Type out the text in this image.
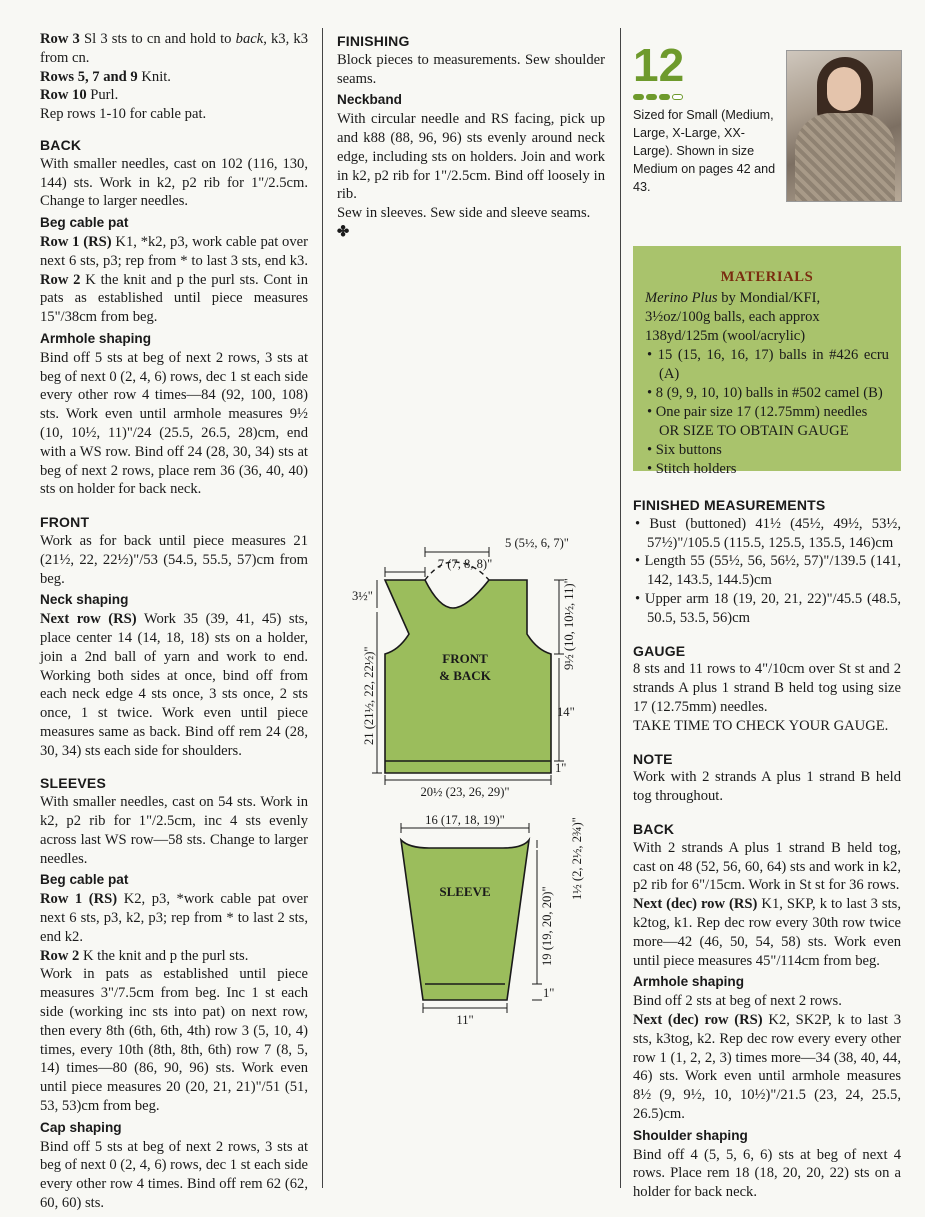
Row 3 Sl 3 sts to cn and hold to back, k3, k3 from cn.

Rows 5, 7 and 9 Knit.

Row 10 Purl.

Rep rows 1-10 for cable pat.

BACK

With smaller needles, cast on 102 (116, 130, 144) sts. Work in k2, p2 rib for 1"/2.5cm. Change to larger needles.

Beg cable pat

Row 1 (RS) K1, *k2, p3, work cable pat over next 6 sts, p3; rep from * to last 3 sts, end k3. Row 2 K the knit and p the purl sts. Cont in pats as established until piece measures 15"/38cm from beg.

Armhole shaping

Bind off 5 sts at beg of next 2 rows, 3 sts at beg of next 0 (2, 4, 6) rows, dec 1 st each side every other row 4 times—84 (92, 100, 108) sts. Work even until armhole measures 9½ (10, 10½, 11)"/24 (25.5, 26.5, 28)cm, end with a WS row. Bind off 24 (28, 30, 34) sts at beg of next 2 rows, place rem 36 (36, 40, 40) sts on holder for back neck.

FRONT

Work as for back until piece measures 21 (21½, 22, 22½)"/53 (54.5, 55.5, 57)cm from beg.

Neck shaping

Next row (RS) Work 35 (39, 41, 45) sts, place center 14 (14, 18, 18) sts on a holder, join a 2nd ball of yarn and work to end. Working both sides at once, bind off from each neck edge 4 sts once, 3 sts once, 2 sts once, 1 st twice. Work even until piece measures same as back. Bind off rem 24 (28, 30, 34) sts each side for shoulders.

SLEEVES

With smaller needles, cast on 54 sts. Work in k2, p2 rib for 1"/2.5cm, inc 4 sts evenly across last WS row—58 sts. Change to larger needles.

Beg cable pat

Row 1 (RS) K2, p3, *work cable pat over next 6 sts, p3, k2, p3; rep from * to last 2 sts, end k2.

Row 2 K the knit and p the purl sts.

Work in pats as established until piece measures 3"/7.5cm from beg. Inc 1 st each side (working inc sts into pat) on next row, then every 8th (6th, 6th, 4th) row 3 (5, 10, 4) times, every 10th (8th, 8th, 6th) row 7 (8, 5, 14) times—80 (86, 90, 96) sts. Work even until piece measures 20 (20, 21, 21)"/51 (51, 53, 53)cm from beg.

Cap shaping

Bind off 5 sts at beg of next 2 rows, 3 sts at beg of next 0 (2, 4, 6) rows, dec 1 st each side every other row 4 times. Bind off rem 62 (62, 60, 60) sts.

FINISHING

Block pieces to measurements. Sew shoulder seams.

Neckband

With circular needle and RS facing, pick up and k88 (88, 96, 96) sts evenly around neck edge, including sts on holders. Join and work in k2, p2 rib for 1"/2.5cm. Bind off loosely in rib.

Sew in sleeves. Sew side and sleeve seams. ✤

FRONT
& BACK
5 (5½, 6, 7)"
7 (7, 8, 8)"
3½"
21 (21½, 22, 22½)"
9½ (10, 10½, 11)"
14"
1"
20½ (23, 26, 29)"
16 (17, 18, 19)"
SLEEVE	1½ (2, 2½, 2¾)"
19 (19, 20, 20)"
1"
11"
12

Sized for Small (Medium, Large, X-Large, XX-Large). Shown in size Medium on pages 42 and 43.

MATERIALS

Merino Plus by Mondial/KFI, 3½oz/100g balls, each approx 138yd/125m (wool/acrylic)

• 15 (15, 16, 16, 17) balls in #426 ecru (A)

• 8 (9, 9, 10, 10) balls in #502 camel (B)

• One pair size 17 (12.75mm) needles OR SIZE TO OBTAIN GAUGE

• Six buttons

• Stitch holders

FINISHED MEASUREMENTS

• Bust (buttoned) 41½ (45½, 49½, 53½, 57½)"/105.5 (115.5, 125.5, 135.5, 146)cm

• Length 55 (55½, 56, 56½, 57)"/139.5 (141, 142, 143.5, 144.5)cm

• Upper arm 18 (19, 20, 21, 22)"/45.5 (48.5, 50.5, 53.5, 56)cm

GAUGE

8 sts and 11 rows to 4"/10cm over St st and 2 strands A plus 1 strand B held tog using size 17 (12.75mm) needles.

TAKE TIME TO CHECK YOUR GAUGE.

NOTE

Work with 2 strands A plus 1 strand B held tog throughout.

BACK

With 2 strands A plus 1 strand B held tog, cast on 48 (52, 56, 60, 64) sts and work in k2, p2 rib for 6"/15cm. Work in St st for 36 rows.

Next (dec) row (RS) K1, SKP, k to last 3 sts, k2tog, k1. Rep dec row every 30th row twice more—42 (46, 50, 54, 58) sts. Work even until piece measures 45"/114cm from beg.

Armhole shaping

Bind off 2 sts at beg of next 2 rows.

Next (dec) row (RS) K2, SK2P, k to last 3 sts, k3tog, k2. Rep dec row every every other row 1 (1, 2, 2, 3) times more—34 (38, 40, 44, 46) sts. Work even until armhole measures 8½ (9, 9½, 10, 10½)"/21.5 (23, 24, 25.5, 26.5)cm.

Shoulder shaping

Bind off 4 (5, 5, 6, 6) sts at beg of next 4 rows. Place rem 18 (18, 20, 20, 22) sts on a holder for back neck.
